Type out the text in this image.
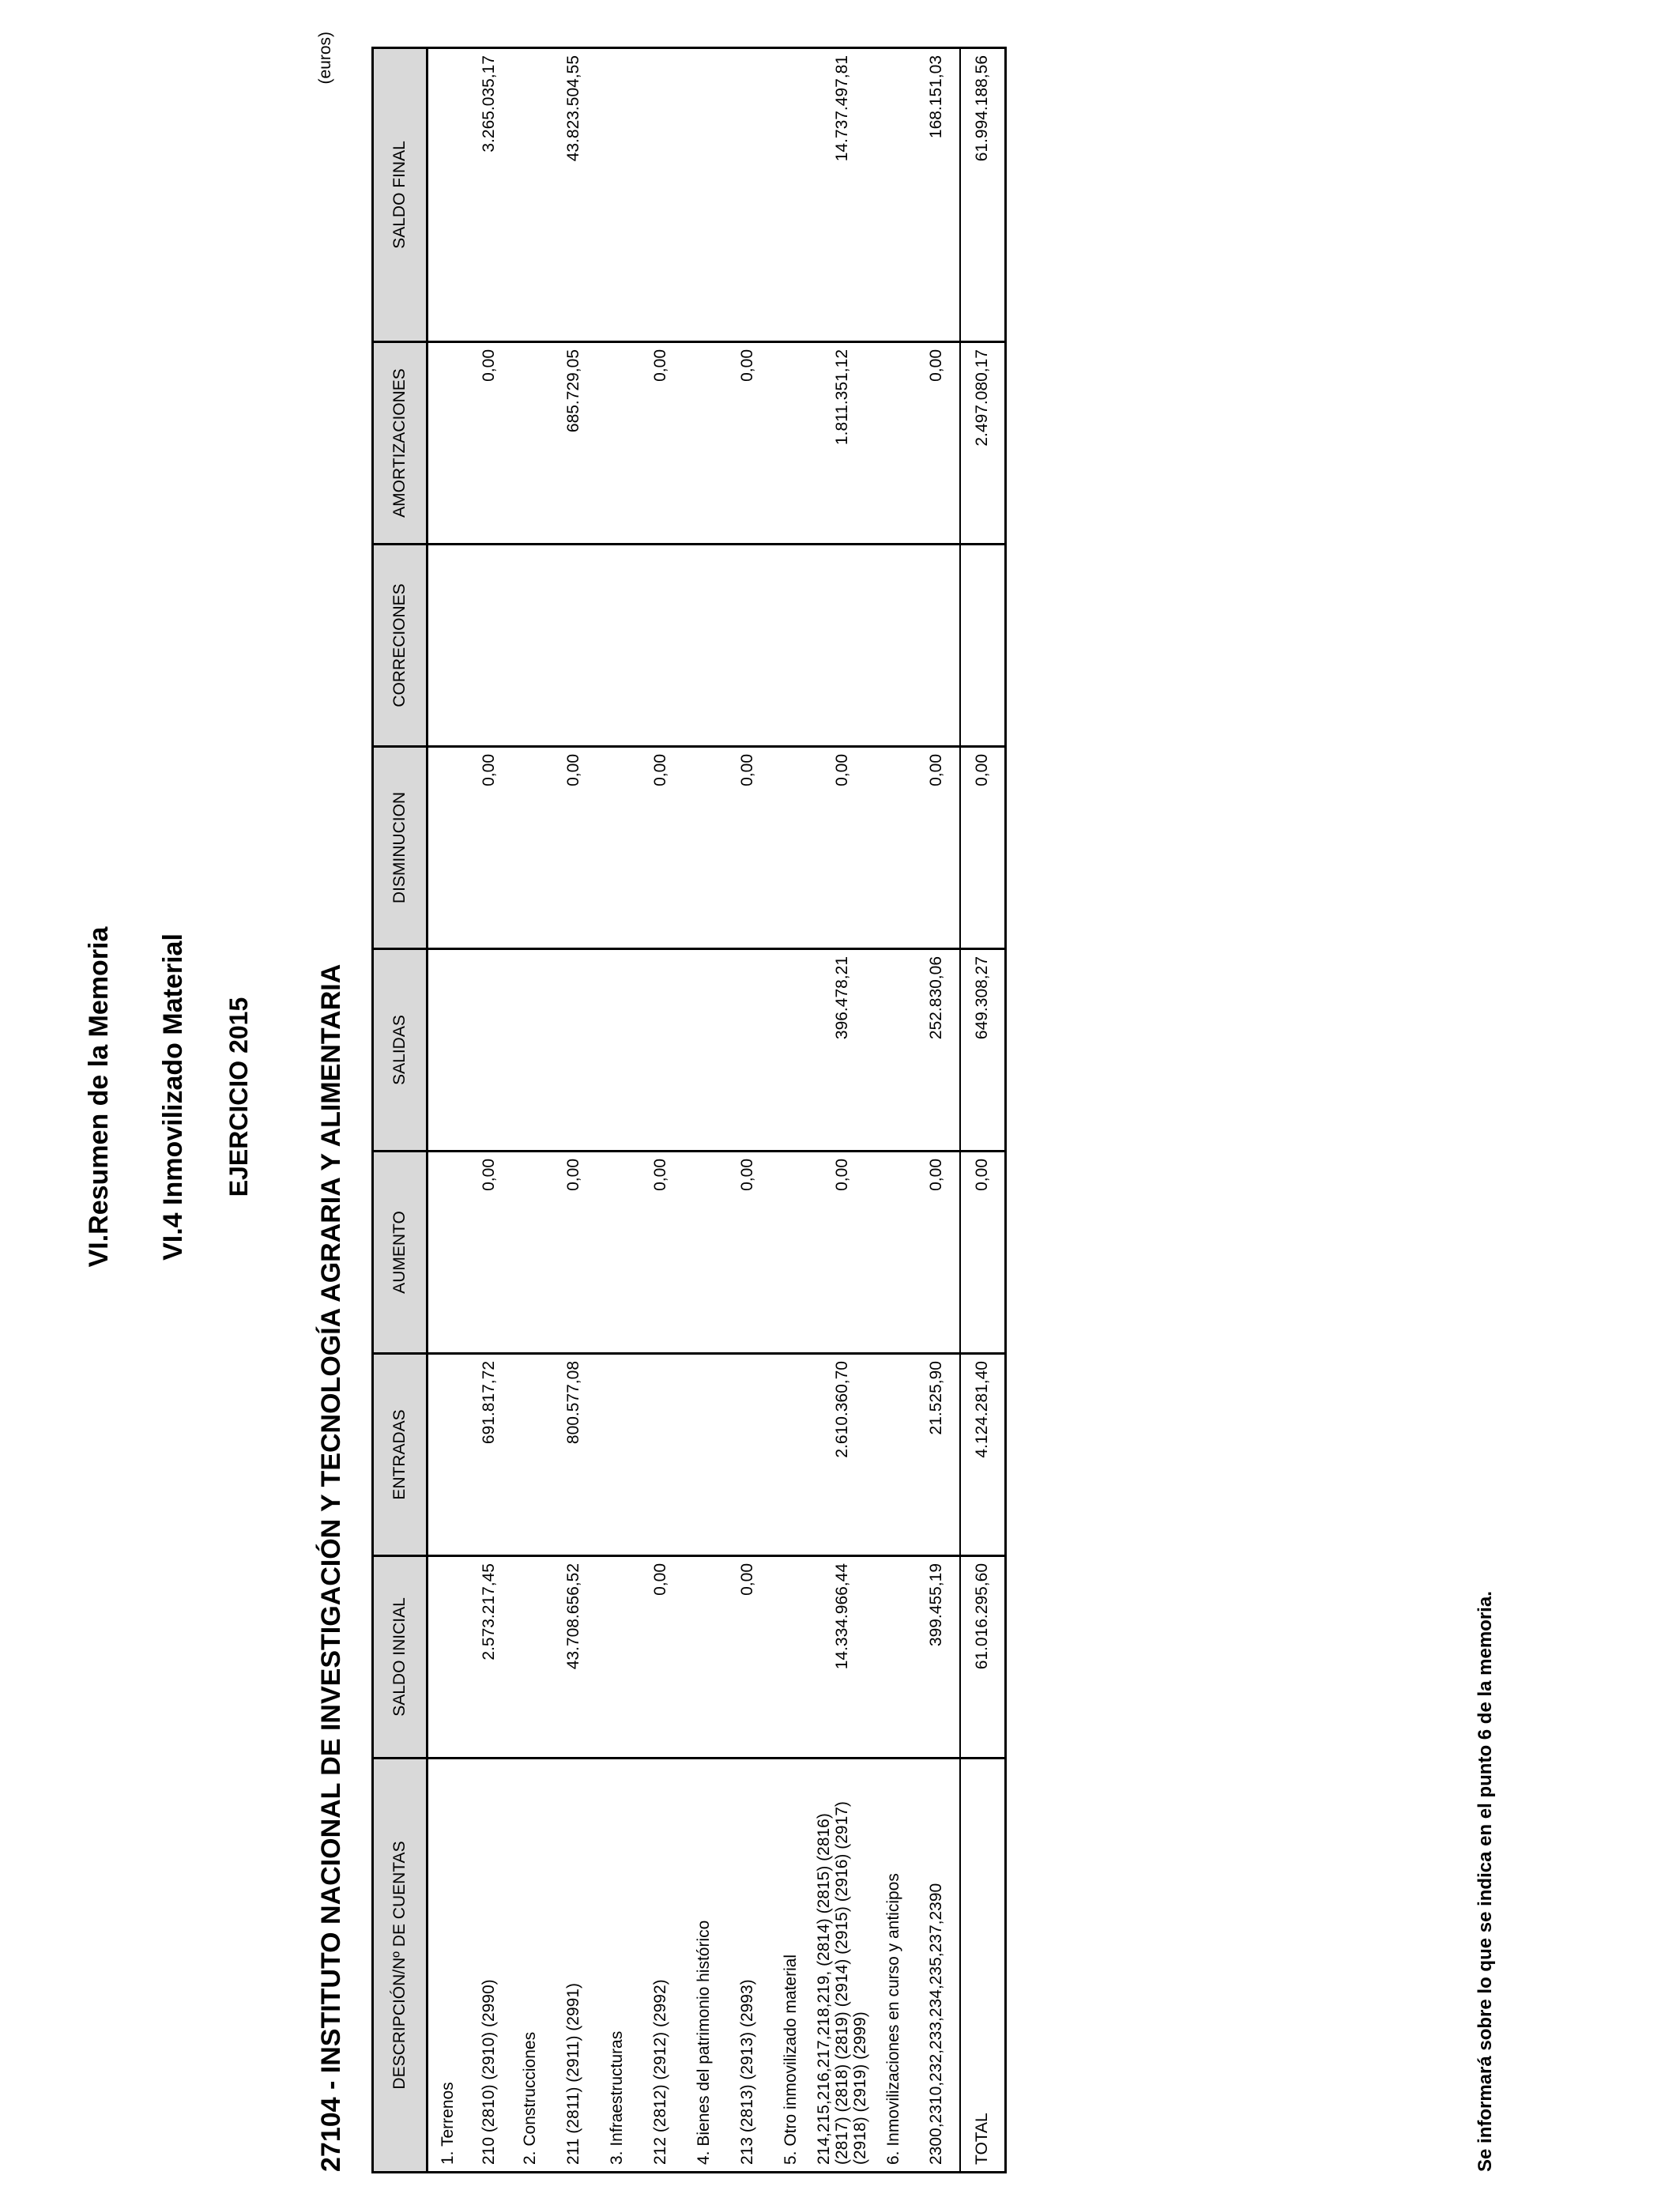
VI.Resumen de la Memoria VI.4 Inmovilizado Material EJERCICIO 2015 27104 - INSTITUTO NACIONAL DE INVESTIGACIÓN Y TECNOLOGÍA AGRARIA Y ALIMENTARIA
(euros)
DESCRIPCIÓN/Nº DE CUENTAS	SALDO INICIAL	ENTRADAS	AUMENTO	SALIDAS	DISMINUCION	CORRECIONES	AMORTIZACIONES	SALDO FINAL
1. Terrenos								
210 (2810) (2910) (2990)	2.573.217,45	691.817,72	0,00		0,00		0,00	3.265.035,17
2. Construcciones								
211 (2811) (2911) (2991)	43.708.656,52	800.577,08	0,00		0,00		685.729,05	43.823.504,55
3. Infraestructuras								
212 (2812) (2912) (2992)	0,00		0,00		0,00		0,00	
4. Bienes del patrimonio histórico								
213 (2813) (2913) (2993)	0,00		0,00		0,00		0,00	
5. Otro inmovilizado material								
214,215,216,217,218,219, (2814) (2815) (2816) (2817) (2818) (2819) (2914) (2915) (2916) (2917) (2918) (2919) (2999)	14.334.966,44	2.610.360,70	0,00	396.478,21	0,00		1.811.351,12	14.737.497,81
6. Inmovilizaciones en curso y anticipos								
2300,2310,232,233,234,235,237,2390	399.455,19	21.525,90	0,00	252.830,06	0,00		0,00	168.151,03
TOTAL	61.016.295,60	4.124.281,40	0,00	649.308,27	0,00		2.497.080,17	61.994.188,56
Se informará sobre lo que se indica en el punto 6 de la memoria.
